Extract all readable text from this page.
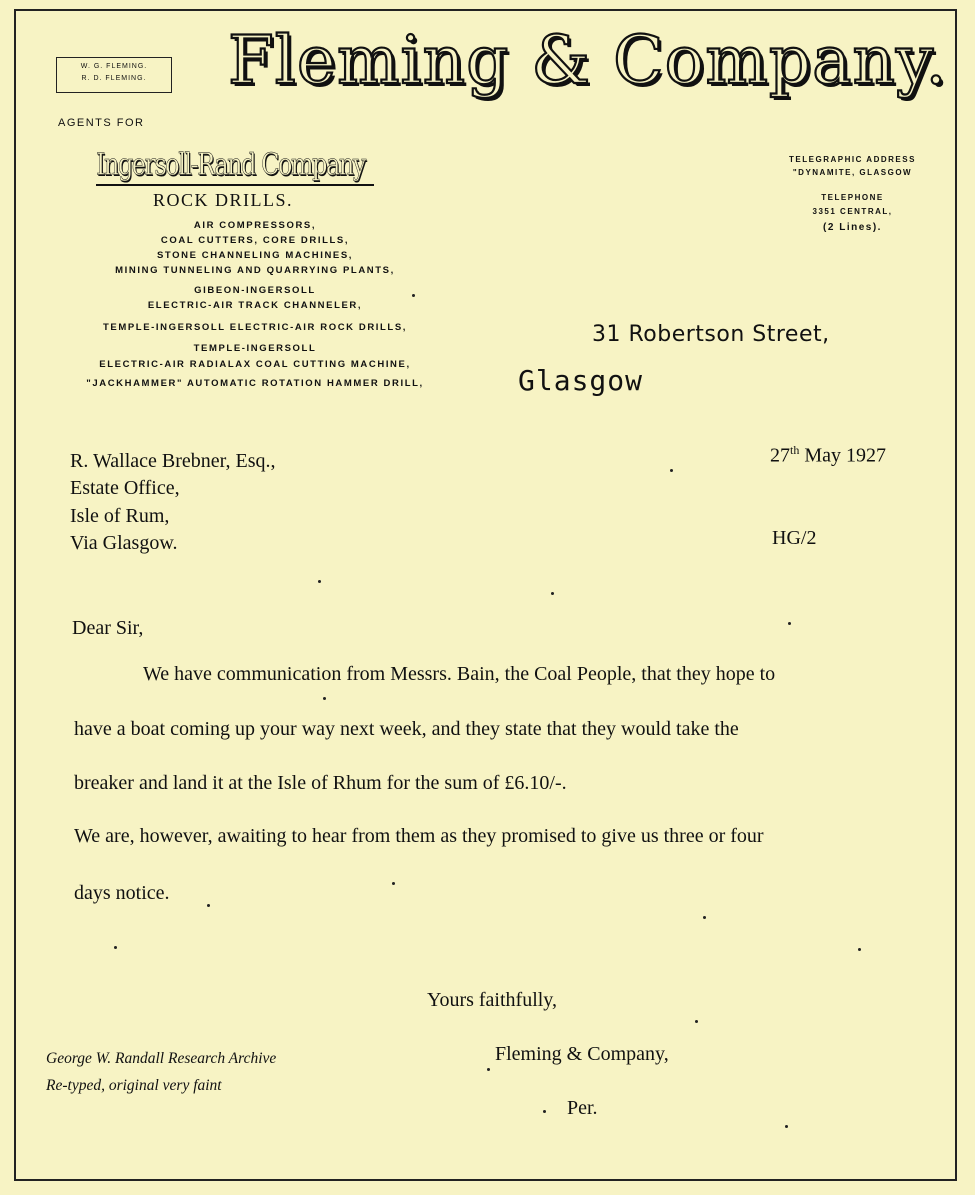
W. G. FLEMING.
R. D. FLEMING.	Fleming & Company.
AGENTS FOR
Ingersoll-Rand Company
ROCK DRILLS.
AIR COMPRESSORS,
COAL CUTTERS, CORE DRILLS,
STONE CHANNELING MACHINES,
MINING TUNNELING AND QUARRYING PLANTS,
GIBEON-INGERSOLL
ELECTRIC-AIR TRACK CHANNELER,
TEMPLE-INGERSOLL ELECTRIC-AIR ROCK DRILLS,
TEMPLE-INGERSOLL
ELECTRIC-AIR RADIALAX COAL CUTTING MACHINE,
"JACKHAMMER" AUTOMATIC ROTATION HAMMER DRILL,
TELEGRAPHIC ADDRESS
"DYNAMITE, GLASGOW
TELEPHONE
3351 CENTRAL,
(2 Lines).
31 Robertson Street,
Glasgow
R. Wallace Brebner, Esq.,
Estate Office,
Isle of Rum,
Via Glasgow.
27th May 1927
HG/2
Dear Sir,
We have communication from Messrs. Bain, the Coal People, that they hope to
have a boat coming up your way next week, and they state that they would take the
breaker and land it at the Isle of Rhum for the sum of £6.10/-.
We are, however, awaiting to hear from them as they promised to give us three or four
days notice.
Yours faithfully,
Fleming & Company,
Per.
George W. Randall Research Archive
Re-typed, original very faint
